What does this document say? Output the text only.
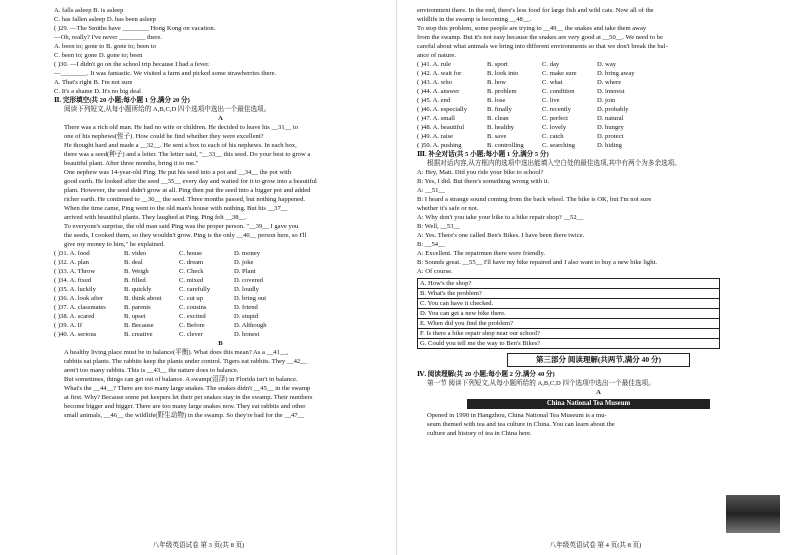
A. falls asleep B. is asleep
C. has fallen asleep D. has been asleep
( )29. —The Smiths have ________ Hong Kong on vacation.
—Oh, really? I've never ________ there.
A. been to; gone to B. gone to; been to
C. been to; gone D. gone to; been
( )30. —I didn't go on the school trip because I had a fever.
—________. It was fantastic. We visited a farm and picked some strawberries there.
A. That's right B. I'm not sure
C. It's a shame D. It's no big deal
Ⅱ. 完形填空(共 20 小题;每小题 1 分,满分 20 分)
阅读下列短文,从每小题所给的 A,B,C,D 四个选项中选出一个最佳选项。
A
There was a rich old man. He had no wife or children. He decided to leave his __31__ to
one of his nephews(侄子). How could he find whether they were excellent?
He thought hard and made a __32__. He sent a box to each of his nephews. In each box,
there was a seed(种子) and a letter. The letter said, "__33__ this seed. Do your best to grow a
beautiful plant. After three months, bring it to me."
One nephew was 14-year-old Ping. He put his seed into a pot and __34__ the pot with
good earth. He looked after the seed __35__ every day and waited for it to grow into a beautiful
plant. However, the seed didn't grow at all. Ping then put the seed into a bigger pot and added
richer earth. He continued to __36__ the seed. Three months passed, but nothing happened.
When the time came, Ping went to the old man's house with nothing. But his __37__
arrived with beautiful plants. They laughed at Ping. Ping felt __38__.
To everyone's surprise, the old man said Ping was the proper person. "__39__ I gave you
the seeds, I cooked them, so they wouldn't grow. Ping is the only __40__ person here, so I'll
give my money to him," he explained.
( )31. A. food	B. video	C. house	D. money
( )32. A. plan	B. deal	C. dream	D. joke
( )33. A. Throw	B. Weigh	C. Check	D. Plant
( )34. A. fixed	B. filled	C. mixed	D. covered
( )35. A. luckily	B. quickly	C. carefully	D. loudly
( )36. A. look after	B. think about	C. cut up	D. bring out
( )37. A. classmates	B. parents	C. cousins	D. friend
( )38. A. scared	B. upset	C. excited	D. stupid
( )39. A. If	B. Because	C. Before	D. Although
( )40. A. serious	B. creative	C. clever	D. honest
B
A healthy living place must be in balance(平衡). What does this mean? As a __41__,
rabbits eat plants. The rabbits keep the plants under control. Tigers eat rabbits. They __42__
aren't too many rabbits. This is __43__ the nature does to balance.
But sometimes, things can get out of balance. A swamp(沼泽) in Florida isn't in balance.
What's the __44__? There are too many large snakes. The snakes didn't __45__ in the swamp
at first. Why? Because some pet keepers let their pet snakes stay in the swamp. Their numbers
become bigger and bigger. There are too many large snakes now. They eat rabbits and other
small animals, __46__ the wildlife(野生动物) in the swamp. So they're bad for the __47__
八年级英语试卷 第 3 页(共 8 页)
environment there. In the end, there's less food for large fish and wild cats. Now all of the
wildlife in the swamp is becoming __48__.
To stop this problem, some people are trying to __49__ the snakes and take them away
from the swamp. But it's not easy because the snakes are very good at __50__. We need to be
careful about what animals we bring into different environments so that we don't break the bal-
ance of nature.
( )41. A. rule	B. sport	C. day	D. way
( )42. A. wait for	B. look into	C. make sure	D. bring away
( )43. A. who	B. how	C. what	D. where
( )44. A. answer	B. problem	C. condition	D. interest
( )45. A. end	B. lose	C. live	D. join
( )46. A. especially	B. finally	C. recently	D. probably
( )47. A. small	B. clean	C. perfect	D. natural
( )48. A. beautiful	B. healthy	C. lovely	D. hungry
( )49. A. raise	B. save	C. catch	D. protect
( )50. A. pushing	B. controlling	C. searching	D. hiding
Ⅲ. 补全对话(共 5 小题;每小题 1 分,满分 5 分)
根据对话内容,从方框内的选项中选出能填入空白处的最佳选项,其中有两个为多余选项。
A: Hey, Matt. Did you ride your bike to school?
B: Yes, I did. But there's something wrong with it.
A: __51__
B: I heard a strange sound coming from the back wheel. The bike is OK, but I'm not sure
whether it's safe or not.
A: Why don't you take your bike to a bike repair shop? __52__
B: Well, __53__
A: Yes. There's one called Ben's Bikes. I have been there twice.
B: __54__
A: Excellent. The repairmen there were friendly.
B: Sounds great. __55__ I'll have my bike repaired and I also want to buy a new bike light.
A: Of course.
A. How's the shop?
B. What's the problem?
C. You can have it checked.
D. You can get a new bike there.
E. When did you find the problem?
F. Is there a bike repair shop near our school?
G. Could you tell me the way to Ben's Bikes?
第三部分 阅读理解(共两节,满分 40 分)
Ⅳ. 阅读理解(共 20 小题;每小题 2 分,满分 40 分)
第一节 阅读下列短文,从每小题所给的 A,B,C,D 四个选项中选出一个最佳选项。
A
China National Tea Museum
Opened in 1990 in Hangzhou, China National Tea Museum is a mu-
seum themed with tea and tea culture in China. You can learn about the
culture and history of tea in China here.
八年级英语试卷 第 4 页(共 8 页)
